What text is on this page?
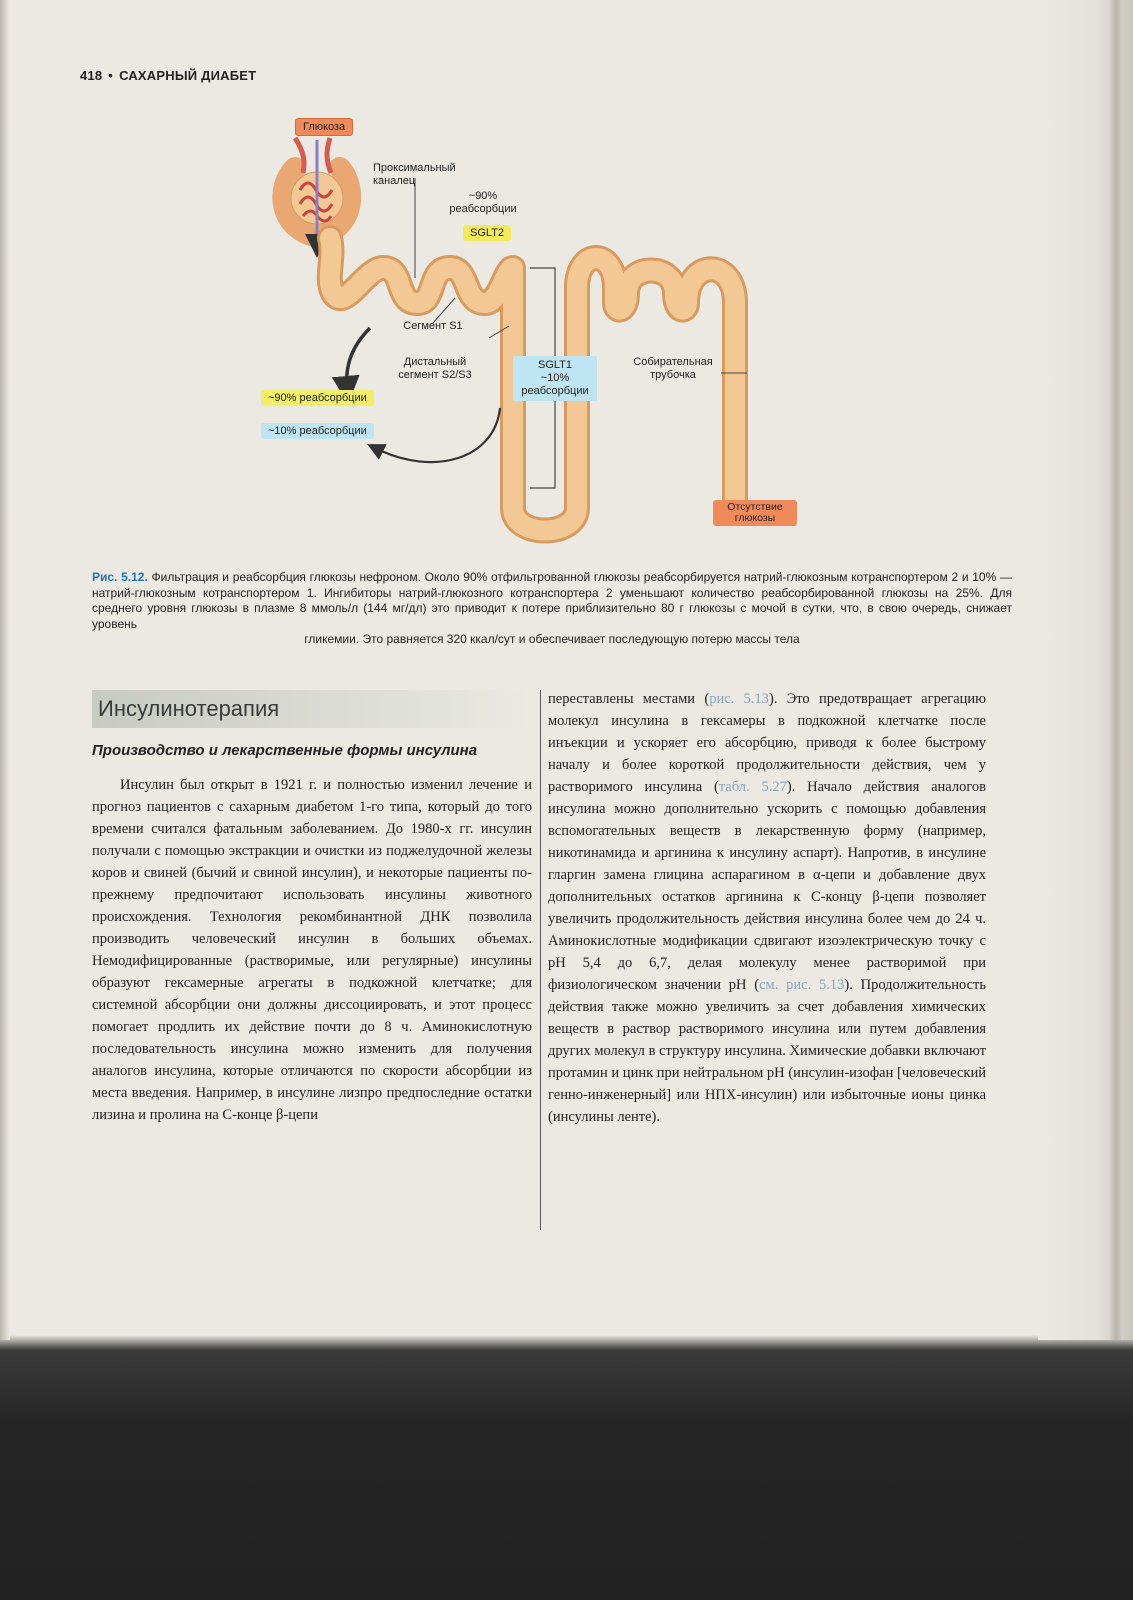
418 • САХАРНЫЙ ДИАБЕТ
Глюкоза
Проксимальный каналец
~90% реабсорбции
SGLT2
Сегмент S1
Дистальный сегмент S2/S3
SGLT1
~10% реабсорбции
Собирательная трубочка
~90% реабсорбции
~10% реабсорбции
Отсутствие глюкозы
Рис. 5.12. Фильтрация и реабсорбция глюкозы нефроном. Около 90% отфильтрованной глюкозы реабсорбируется натрий-глюкозным котранспортером 2 и 10% — натрий-глюкозным котранспортером 1. Ингибиторы натрий-глюкозного котранспортера 2 уменьшают количество реабсорбированной глюкозы на 25%. Для среднего уровня глюкозы в плазме 8 ммоль/л (144 мг/дл) это приводит к потере приблизительно 80 г глюкозы с мочой в сутки, что, в свою очередь, снижает уровень
гликемии. Это равняется 320 ккал/сут и обеспечивает последующую потерю массы тела
Инсулинотерапия
Производство и лекарственные формы инсулина

Инсулин был открыт в 1921 г. и полностью изменил лечение и прогноз пациентов с сахарным диабетом 1-го типа, который до того времени считался фатальным заболеванием. До 1980-х гг. инсулин получали с помощью экстракции и очистки из поджелудочной железы коров и свиней (бычий и свиной инсулин), и некоторые пациенты по-прежнему предпочитают использовать инсулины животного происхождения. Технология рекомбинантной ДНК позволила производить человеческий инсулин в больших объемах. Немодифицированные (растворимые, или регулярные) инсулины образуют гексамерные агрегаты в подкожной клетчатке; для системной абсорбции они должны диссоциировать, и этот процесс помогает продлить их действие почти до 8 ч. Аминокислотную последовательность инсулина можно изменить для получения аналогов инсулина, которые отличаются по скорости абсорбции из места введения. Например, в инсулине лизпро предпоследние остатки лизина и пролина на С-конце β-цепи

переставлены местами (рис. 5.13). Это предотвращает агрегацию молекул инсулина в гексамеры в подкожной клетчатке после инъекции и ускоряет его абсорбцию, приводя к более быстрому началу и более короткой продолжительности действия, чем у растворимого инсулина (табл. 5.27). Начало действия аналогов инсулина можно дополнительно ускорить с помощью добавления вспомогательных веществ в лекарственную форму (например, никотинамида и аргинина к инсулину аспарт). Напротив, в инсулине гларгин замена глицина аспарагином в α-цепи и добавление двух дополнительных остатков аргинина к С-концу β-цепи позволяет увеличить продолжительность действия инсулина более чем до 24 ч. Аминокислотные модификации сдвигают изоэлектрическую точку с pH 5,4 до 6,7, делая молекулу менее растворимой при физиологическом значении pH (см. рис. 5.13). Продолжительность действия также можно увеличить за счет добавления химических веществ в раствор растворимого инсулина или путем добавления других молекул в структуру инсулина. Химические добавки включают протамин и цинк при нейтральном pH (инсулин-изофан [человеческий генно-инженерный] или НПХ-инсулин) или избыточные ионы цинка (инсулины ленте).
